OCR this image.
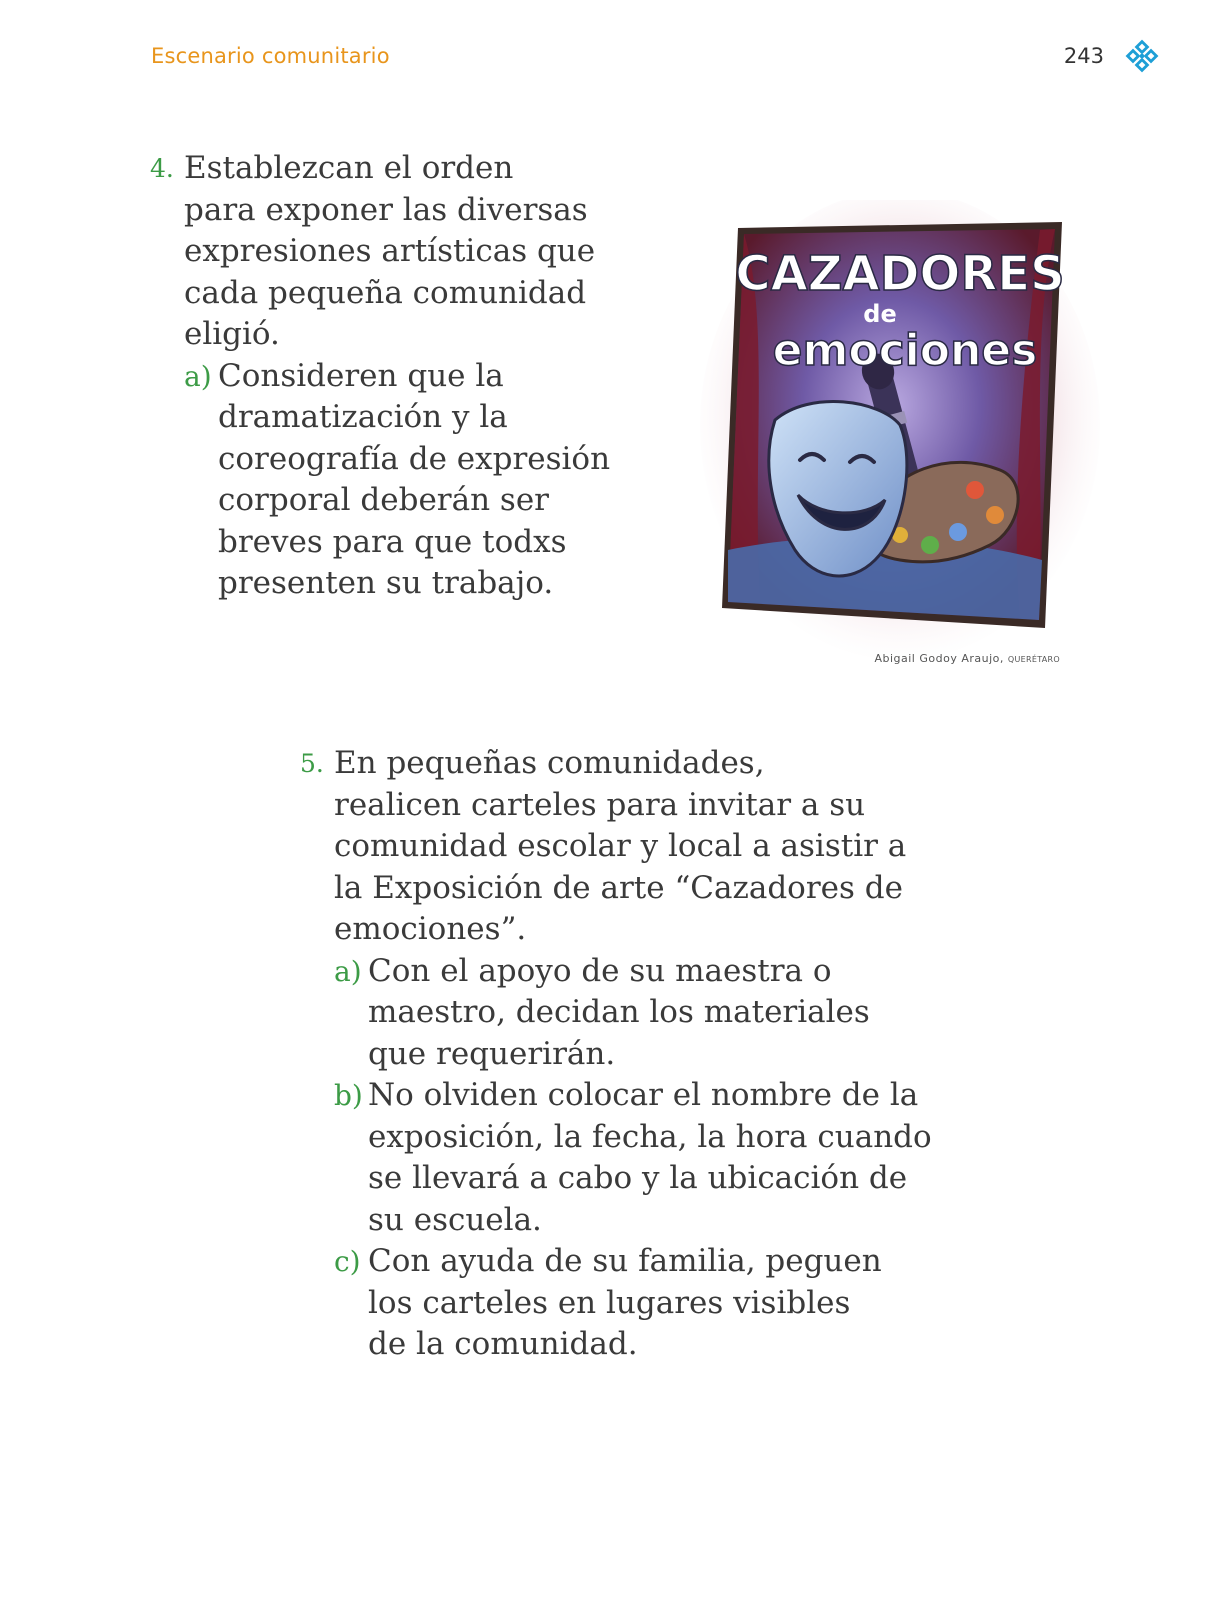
Escenario comunitario	243
4. Establezcan el orden
para exponer las diversas
expresiones artísticas que
cada pequeña comunidad
eligió.
a) Consideren que la
dramatización y la
coreografía de expresión
corporal deberán ser
breves para que todxs
presenten su trabajo.
CAZADORES
de
emociones
Abigail Godoy Araujo, QUERÉTARO
5. En pequeñas comunidades,
realicen carteles para invitar a su
comunidad escolar y local a asistir a
la Exposición de arte “Cazadores de
emociones”.
a) Con el apoyo de su maestra o
maestro, decidan los materiales
que requerirán.
b) No olviden colocar el nombre de la
exposición, la fecha, la hora cuando
se llevará a cabo y la ubicación de
su escuela.
c) Con ayuda de su familia, peguen
los carteles en lugares visibles
de la comunidad.
